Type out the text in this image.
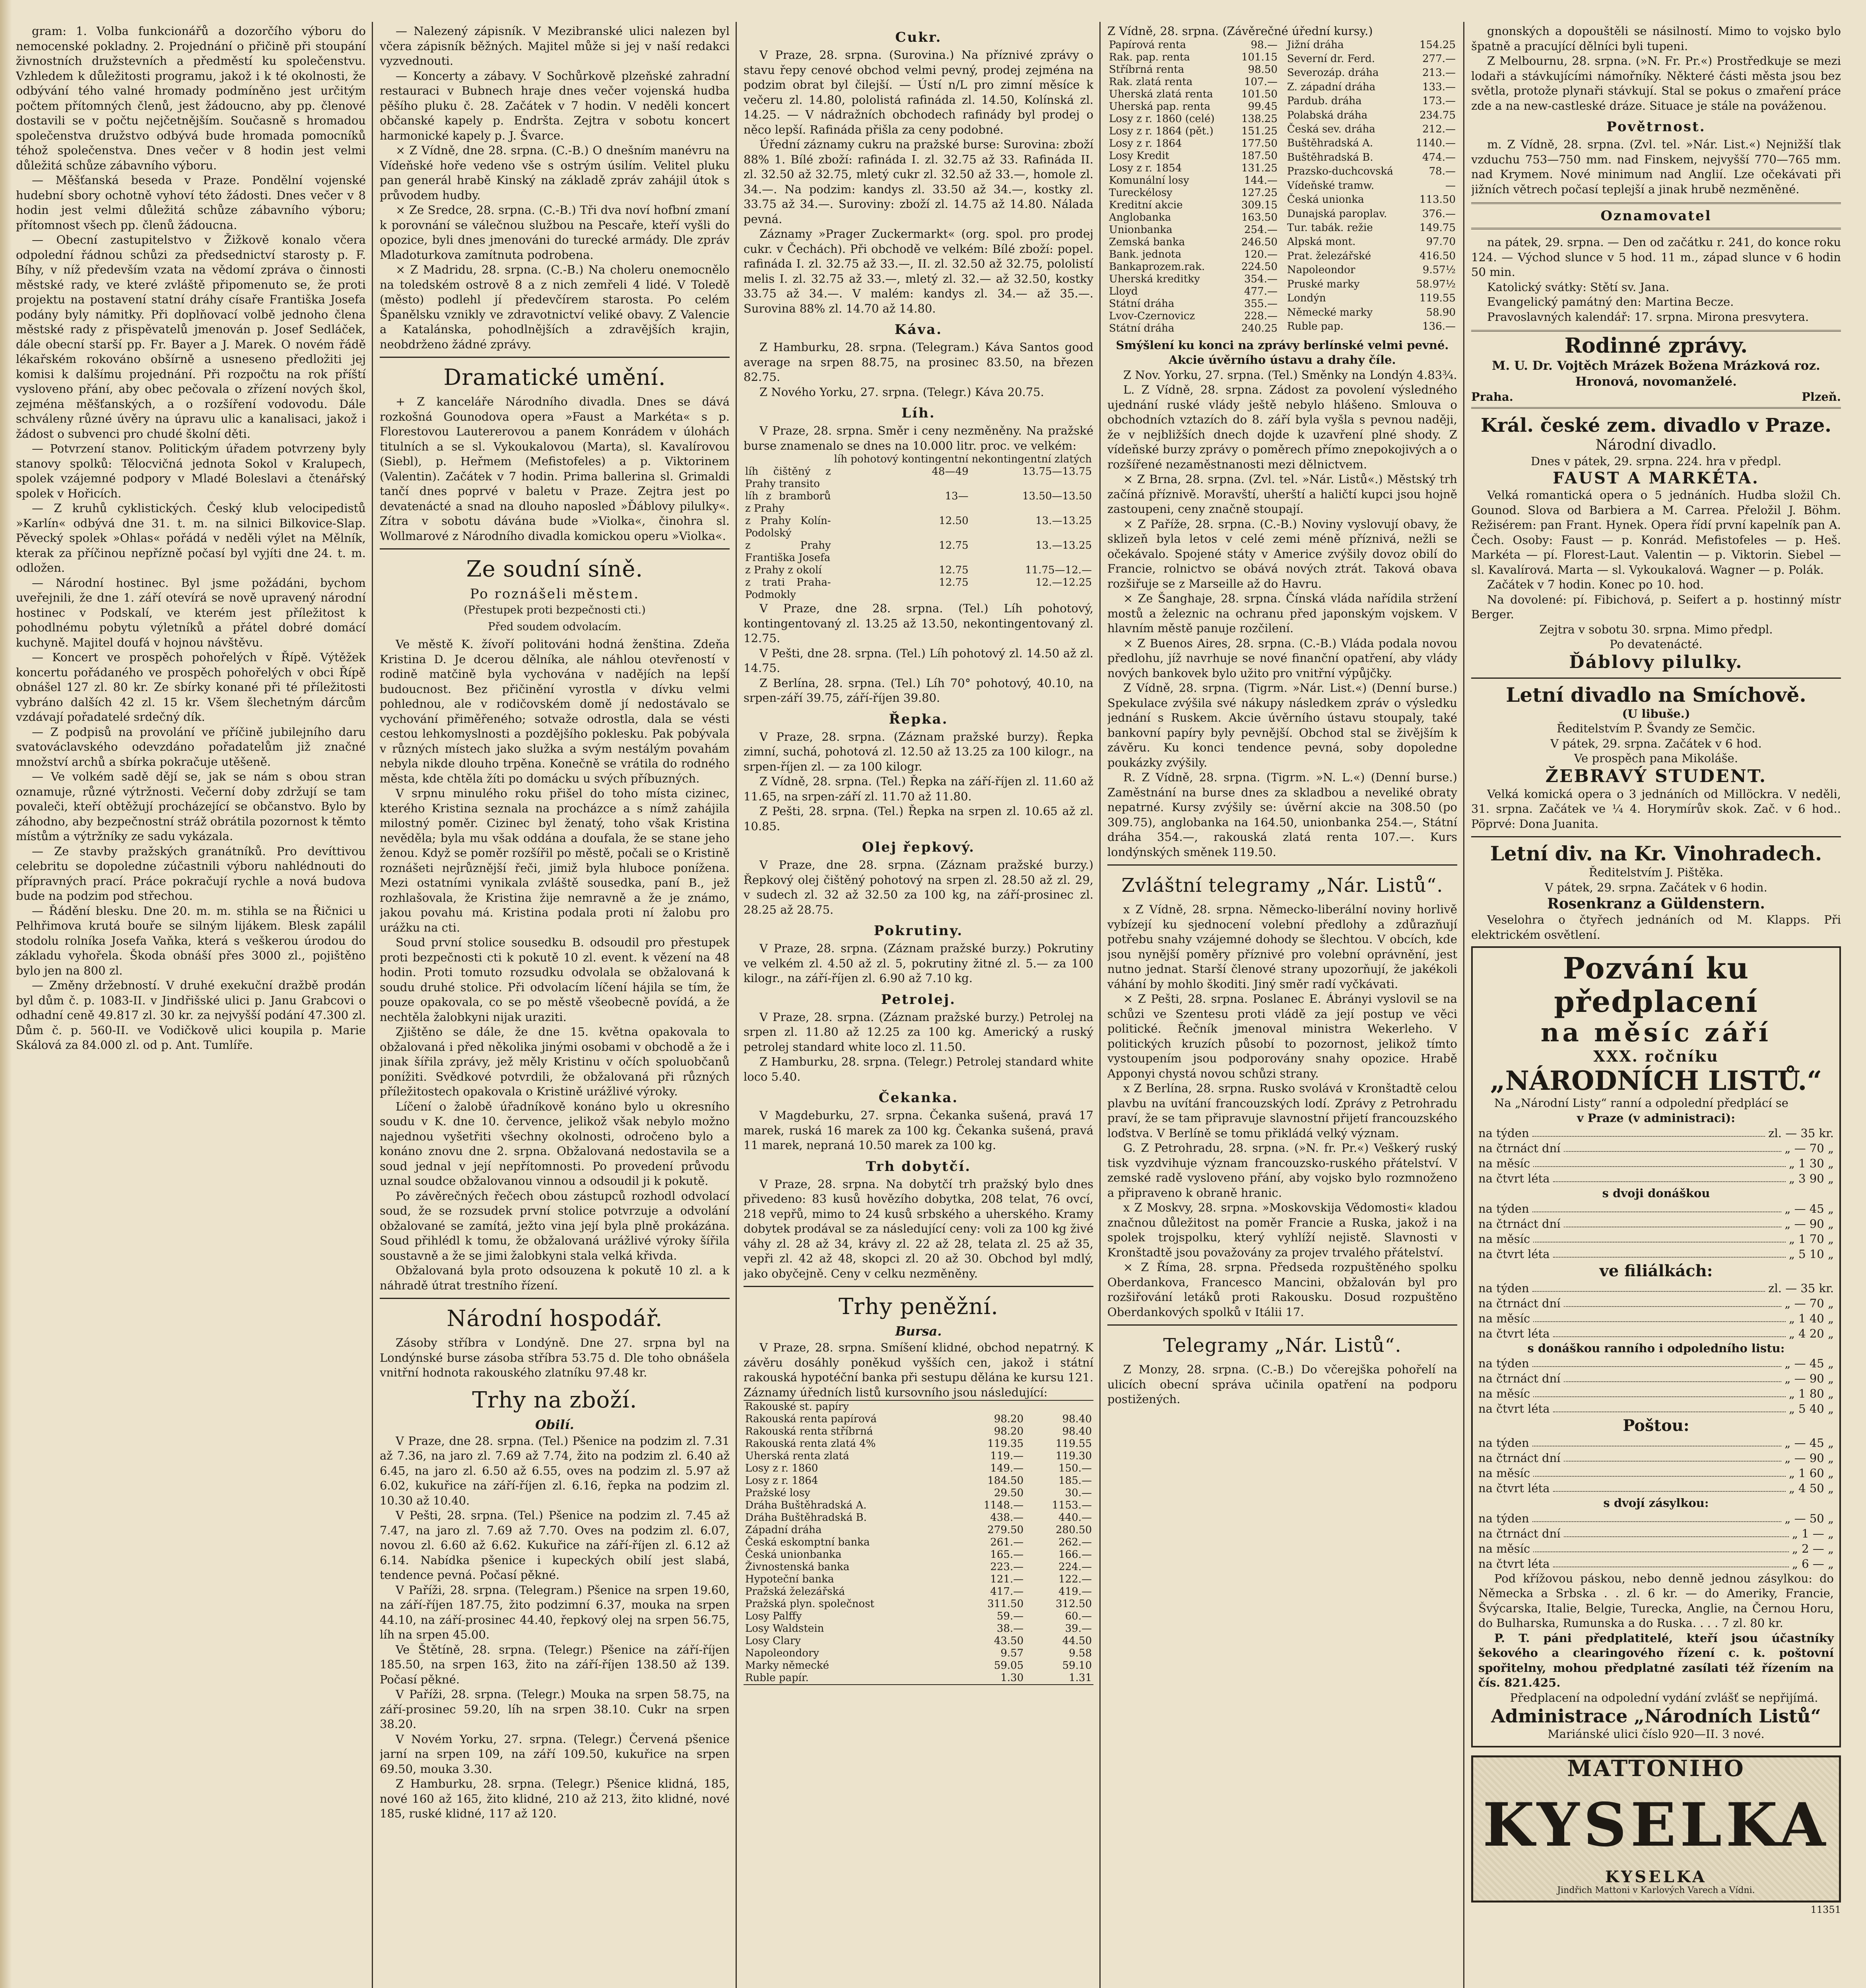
gram: 1. Volba funkcionářů a dozorčího výboru do nemocenské pokladny. 2. Projednání o přičině při stoupání živnostních družstevních a předměstí ku společenstvu. Vzhledem k důležitosti programu, jakož i k té okolnosti, že odbývání tého valné hromady podmíněno jest určitým počtem přítomných členů, jest žádoucno, aby pp. členové dostavili se v počtu nejčetnějším. Současně s hromadou společenstva družstvo odbývá bude hromada pomocníků téhož společenstva. Dnes večer v 8 hodin jest velmi důležitá schůze zábavního výboru.

— Měšťanská beseda v Praze. Pondělní vojenské hudební sbory ochotně vyhoví této žádosti. Dnes večer v 8 hodin jest velmi důležitá schůze zábavního výboru; přítomnost všech pp. členů žádoucna.

— Obecní zastupitelstvo v Žižkově konalo včera odpolední řádnou schůzi za předsednictví starosty p. F. Bíhy, v níž především vzata na vědomí zpráva o činnosti městské rady, ve které zvláště připomenuto se, že proti projektu na postavení statní dráhy císaře Františka Josefa podány byly námitky. Při doplňovací volbě jednoho člena městské rady z přispěvatelů jmenován p. Josef Sedláček, dále obecní starší pp. Fr. Bayer a J. Marek. O novém řádě lékařském rokováno obšírně a usneseno předložiti jej komisi k dalšímu projednání. Při rozpočtu na rok příští vysloveno přání, aby obec pečovala o zřízení nových škol, zejména měšťanských, a o rozšíření vodovodu. Dále schváleny různé úvěry na úpravu ulic a kanalisaci, jakož i žádost o subvenci pro chudé školní děti.

— Potvrzení stanov. Politickým úřadem potvrzeny byly stanovy spolků: Tělocvičná jednota Sokol v Kralupech, spolek vzájemné podpory v Mladé Boleslavi a čtenářský spolek v Hořicích.

— Z kruhů cyklistických. Český klub velocipedistů »Karlín« odbývá dne 31. t. m. na silnici Bilkovice-Slap. Pěvecký spolek »Ohlas« pořádá v neděli výlet na Mělník, kterak za příčinou nepřízně počasí byl vyjíti dne 24. t. m. odložen.

— Národní hostinec. Byl jsme požádáni, bychom uveřejnili, že dne 1. září otevírá se nově upravený národní hostinec v Podskalí, ve kterém jest příležitost k pohodlnému pobytu výletníků a přátel dobré domácí kuchyně. Majitel doufá v hojnou návštěvu.

— Koncert ve prospěch pohořelých v Řípě. Výtěžek koncertu pořádaného ve prospěch pohořelých v obci Řípě obnášel 127 zl. 80 kr. Ze sbírky konané při té příležitosti vybráno dalších 42 zl. 15 kr. Všem šlechetným dárcům vzdávají pořadatelé srdečný dík.

— Z podpisů na provolání ve příčině jubilejního daru svatováclavského odevzdáno pořadatelům již značné množství archů a sbírka pokračuje utěšeně.

— Ve volkém sadě dějí se, jak se nám s obou stran oznamuje, různé výtržnosti. Večerní doby zdržují se tam povaleči, kteří obtěžují procházející se občanstvo. Bylo by záhodno, aby bezpečnostní stráž obrátila pozornost k těmto místům a výtržníky ze sadu vykázala.

— Ze stavby pražských granátníků. Pro devíttivou celebritu se dopoledne zúčastnili výboru nahlédnouti do přípravných prací. Práce pokračují rychle a nová budova bude na podzim pod střechou.

— Řádění blesku. Dne 20. m. m. stihla se na Řičnici u Pelhřimova krutá bouře se silným lijákem. Blesk zapálil stodolu rolníka Josefa Vaňka, která s veškerou úrodou do základu vyhořela. Škoda obnáší přes 3000 zl., pojištěno bylo jen na 800 zl.

— Změny držebností. V druhé exekuční dražbě prodán byl dům č. p. 1083-II. v Jindřišské ulici p. Janu Grabcovi o odhadní ceně 49.817 zl. 30 kr. za nejvyšší podání 47.300 zl. Dům č. p. 560-II. ve Vodičkově ulici koupila p. Marie Skálová za 84.000 zl. od p. Ant. Tumlíře.

— Nalezený zápisník. V Mezibranské ulici nalezen byl včera zápisník běžných. Majitel může si jej v naší redakci vyzvednouti.

— Koncerty a zábavy. V Sochůrkově plzeňské zahradní restauraci v Bubnech hraje dnes večer vojenská hudba pěšího pluku č. 28. Začátek v 7 hodin. V neděli koncert občanské kapely p. Endršta. Zejtra v sobotu koncert harmonické kapely p. J. Švarce.

× Z Vídně, dne 28. srpna. (C.-B.) O dnešním manévru na Vídeňské hoře vedeno vše s ostrým úsilím. Velitel pluku pan generál hrabě Kinský na základě zpráv zahájil útok s průvodem hudby.

× Ze Sredce, 28. srpna. (C.-B.) Tři dva noví hofbní zmaní k porovnání se válečnou službou na Pescaře, kteří vyšli do opozice, byli dnes jmenováni do turecké armády. Dle zpráv Mladoturkova zamítnuta podrobena.

× Z Madridu, 28. srpna. (C.-B.) Na choleru onemocnělo na toledském ostrově 8 a z nich zemřeli 4 lidé. V Toledě (město) podlehl jí předevčírem starosta. Po celém Španělsku vznikly ve zdravotnictví veliké obavy. Z Valencie a Katalánska, pohodlnějších a zdravějších krajin, neobdrženo žádné zprávy.

Dramatické umění.

+ Z kanceláře Národního divadla. Dnes se dává rozkošná Gounodova opera »Faust a Markéta« s p. Florestovou Lautererovou a panem Konrádem v úlohách titulních a se sl. Vykoukalovou (Marta), sl. Kavalírovou (Siebl), p. Heřmem (Mefistofeles) a p. Viktorinem (Valentin). Začátek v 7 hodin. Prima ballerina sl. Grimaldi tančí dnes poprvé v baletu v Praze. Zejtra jest po devatenácté a snad na dlouho naposled »Ďáblovy pilulky«. Zítra v sobotu dávána bude »Violka«, činohra sl. Wollmarové z Národního divadla komickou operu »Violka«.

Ze soudní síně.
Po roznášeli městem.
(Přestupek proti bezpečnosti cti.)
Před soudem odvolacím.

Ve městě K. žívoří politováni hodná ženština. Zdeňa Kristina D. Je dcerou dělníka, ale náhlou otevřeností v rodině matčině byla vychována v nadějích na lepší budoucnost. Bez přičinění vyrostla v dívku velmi pohlednou, ale v rodičovském domě jí nedostávalo se vychování přiměřeného; sotvaže odrostla, dala se vésti cestou lehkomyslnosti a pozdějšího poklesku. Pak pobývala v různých místech jako služka a svým nestálým povahám nebyla nikde dlouho trpěna. Konečně se vrátila do rodného města, kde chtěla žíti po domácku u svých příbuzných.

V srpnu minulého roku přišel do toho místa cizinec, kterého Kristina seznala na procházce a s nímž zahájila milostný poměr. Cizinec byl ženatý, toho však Kristina nevěděla; byla mu však oddána a doufala, že se stane jeho ženou. Když se poměr rozšířil po městě, počali se o Kristině roznášeti nejrůznější řeči, jimiž byla hluboce ponížena. Mezi ostatními vynikala zvláště sousedka, paní B., jež rozhlašovala, že Kristina žije nemravně a že je známo, jakou povahu má. Kristina podala proti ní žalobu pro urážku na cti.

Soud první stolice sousedku B. odsoudil pro přestupek proti bezpečnosti cti k pokutě 10 zl. event. k vězení na 48 hodin. Proti tomuto rozsudku odvolala se obžalovaná k soudu druhé stolice. Při odvolacím líčení hájila se tím, že pouze opakovala, co se po městě všeobecně povídá, a že nechtěla žalobkyni nijak uraziti.

Zjištěno se dále, že dne 15. května opakovala to obžalovaná i před několika jinými osobami v obchodě a že i jinak šířila zprávy, jež měly Kristinu v očích spoluobčanů ponížiti. Svědkové potvrdili, že obžalovaná při různých příležitostech opakovala o Kristině urážlivé výroky.

Líčení o žalobě úřadníkově konáno bylo u okresního soudu v K. dne 10. července, jelikož však nebylo možno najednou vyšetřiti všechny okolnosti, odročeno bylo a konáno znovu dne 2. srpna. Obžalovaná nedostavila se a soud jednal v její nepřítomnosti. Po provedení průvodu uznal soudce obžalovanou vinnou a odsoudil ji k pokutě.

Po závěrečných řečech obou zástupců rozhodl odvolací soud, že se rozsudek první stolice potvrzuje a odvolání obžalované se zamítá, ježto vina její byla plně prokázána. Soud přihlédl k tomu, že obžalovaná urážlivé výroky šířila soustavně a že se jimi žalobkyni stala velká křivda.

Obžalovaná byla proto odsouzena k pokutě 10 zl. a k náhradě útrat trestního řízení.

Národní hospodář.

Zásoby stříbra v Londýně. Dne 27. srpna byl na Londýnské burse zásoba stříbra 53.75 d. Dle toho obnášela vnitřní hodnota rakouského zlatníku 97.48 kr.

Trhy na zboží.
Obilí.

V Praze, dne 28. srpna. (Tel.) Pšenice na podzim zl. 7.31 až 7.36, na jaro zl. 7.69 až 7.74, žito na podzim zl. 6.40 až 6.45, na jaro zl. 6.50 až 6.55, oves na podzim zl. 5.97 až 6.02, kukuřice na září-říjen zl. 6.16, řepka na podzim zl. 10.30 až 10.40.

V Pešti, 28. srpna. (Tel.) Pšenice na podzim zl. 7.45 až 7.47, na jaro zl. 7.69 až 7.70. Oves na podzim zl. 6.07, novou zl. 6.60 až 6.62. Kukuřice na září-říjen zl. 6.12 až 6.14. Nabídka pšenice i kupeckých obilí jest slabá, tendence pevná. Počasí pěkné.

V Paříži, 28. srpna. (Telegram.) Pšenice na srpen 19.60, na září-říjen 187.75, žito podzimní 6.37, mouka na srpen 44.10, na září-prosinec 44.40, řepkový olej na srpen 56.75, líh na srpen 45.00.

Ve Štětíně, 28. srpna. (Telegr.) Pšenice na září-říjen 185.50, na srpen 163, žito na září-říjen 138.50 až 139. Počasí pěkné.

V Paříži, 28. srpna. (Telegr.) Mouka na srpen 58.75, na září-prosinec 59.20, líh na srpen 38.10. Cukr na srpen 38.20.

V Novém Yorku, 27. srpna. (Telegr.) Červená pšenice jarní na srpen 109, na září 109.50, kukuřice na srpen 69.50, mouka 3.30.

Z Hamburku, 28. srpna. (Telegr.) Pšenice klidná, 185, nové 160 až 165, žito klidné, 210 až 213, žito klidné, nové 185, ruské klidné, 117 až 120.

Cukr.

V Praze, 28. srpna. (Surovina.) Na příznivé zprávy o stavu řepy cenové obchod velmi pevný, prodej zejména na podzim obrat byl čilejší. — Ústí n/L pro zimní měsíce k večeru zl. 14.80, pololistá rafináda zl. 14.50, Kolínská zl. 14.25. — V nádražních obchodech rafinády byl prodej o něco lepší. Rafináda přišla za ceny podobné.

Úřední záznamy cukru na pražské burse: Surovina: zboží 88% 1. Bílé zboží: rafináda I. zl. 32.75 až 33. Rafináda II. zl. 32.50 až 32.75, mletý cukr zl. 32.50 až 33.—, homole zl. 34.—. Na podzim: kandys zl. 33.50 až 34.—, kostky zl. 33.75 až 34.—. Suroviny: zboží zl. 14.75 až 14.80. Nálada pevná.

Záznamy »Prager Zuckermarkt« (org. spol. pro prodej cukr. v Čechách). Při obchodě ve velkém: Bílé zboží: popel. rafináda I. zl. 32.75 až 33.—, II. zl. 32.50 až 32.75, pololistí melis I. zl. 32.75 až 33.—, mletý zl. 32.— až 32.50, kostky 33.75 až 34.—. V malém: kandys zl. 34.— až 35.—. Surovina 88% zl. 14.70 až 14.80.

Káva.

Z Hamburku, 28. srpna. (Telegram.) Káva Santos good average na srpen 88.75, na prosinec 83.50, na březen 82.75.

Z Nového Yorku, 27. srpna. (Telegr.) Káva 20.75.

Líh.

V Praze, 28. srpna. Směr i ceny nezměněny. Na pražské burse znamenalo se dnes na 10.000 litr. proc. ve velkém:

	líh pohotový kontingentní	nekontingentní zlatých
líh čištěný z Prahy transito	48—49	13.75—13.75
líh z bramborů z Prahy	13—	13.50—13.50
z Prahy Kolín-Podolský	12.50	13.—13.25
z Prahy Františka Josefa	12.75	13.—13.25
z Prahy z okolí	12.75	11.75—12.—
z trati Praha-Podmokly	12.75	12.—12.25

V Praze, dne 28. srpna. (Tel.) Líh pohotový, kontingentovaný zl. 13.25 až 13.50, nekontingentovaný zl. 12.75.

V Pešti, dne 28. srpna. (Tel.) Líh pohotový zl. 14.50 až zl. 14.75.

Z Berlína, 28. srpna. (Tel.) Líh 70° pohotový, 40.10, na srpen-září 39.75, září-říjen 39.80.

Řepka.

V Praze, 28. srpna. (Záznam pražské burzy). Řepka zimní, suchá, pohotová zl. 12.50 až 13.25 za 100 kilogr., na srpen-říjen zl. — za 100 kilogr.

Z Vídně, 28. srpna. (Tel.) Řepka na září-říjen zl. 11.60 až 11.65, na srpen-září zl. 11.70 až 11.80.

Z Pešti, 28. srpna. (Tel.) Řepka na srpen zl. 10.65 až zl. 10.85.

Olej řepkový.

V Praze, dne 28. srpna. (Záznam pražské burzy.) Řepkový olej čištěný pohotový na srpen zl. 28.50 až zl. 29, v sudech zl. 32 až 32.50 za 100 kg, na září-prosinec zl. 28.25 až 28.75.

Pokrutiny.

V Praze, 28. srpna. (Záznam pražské burzy.) Pokrutiny ve velkém zl. 4.50 až zl. 5, pokrutiny žitné zl. 5.— za 100 kilogr., na září-říjen zl. 6.90 až 7.10 kg.

Petrolej.

V Praze, 28. srpna. (Záznam pražské burzy.) Petrolej na srpen zl. 11.80 až 12.25 za 100 kg. Americký a ruský petrolej standard white loco zl. 11.50.

Z Hamburku, 28. srpna. (Telegr.) Petrolej standard white loco 5.40.

Čekanka.

V Magdeburku, 27. srpna. Čekanka sušená, pravá 17 marek, ruská 16 marek za 100 kg. Čekanka sušená, pravá 11 marek, nepraná 10.50 marek za 100 kg.

Trh dobytčí.

V Praze, 28. srpna. Na dobytčí trh pražský bylo dnes přivedeno: 83 kusů hovězího dobytka, 208 telat, 76 ovcí, 218 vepřů, mimo to 24 kusů srbského a uherského. Kramy dobytek prodával se za následující ceny: voli za 100 kg živé váhy zl. 28 až 34, krávy zl. 22 až 28, telata zl. 25 až 35, vepři zl. 42 až 48, skopci zl. 20 až 30. Obchod byl mdlý, jako obyčejně. Ceny v celku nezměněny.

Trhy peněžní.
Bursa.

V Praze, 28. srpna. Smíšení klidné, obchod nepatrný. K závěru dosáhly poněkud vyšších cen, jakož i státní rakouská hypotéční banka při sestupu dělána ke kursu 121. Záznamy úředních listů kursovního jsou následující:

Rakouské st. papíry		
Rakouská renta papírová	98.20	98.40
Rakouská renta stříbrná	98.20	98.40
Rakouská renta zlatá 4%	119.35	119.55
Uherská renta zlatá	119.—	119.30
Losy z r. 1860	149.—	150.—
Losy z r. 1864	184.50	185.—
Pražské losy	29.50	30.—
Dráha Buštěhradská A.	1148.—	1153.—
Dráha Buštěhradská B.	438.—	440.—
Západní dráha	279.50	280.50
Česká eskomptní banka	261.—	262.—
Česká unionbanka	165.—	166.—
Živnostenská banka	223.—	224.—
Hypoteční banka	121.—	122.—
Pražská železářská	417.—	419.—
Pražská plyn. společnost	311.50	312.50
Losy Palffy	59.—	60.—
Losy Waldstein	38.—	39.—
Losy Clary	43.50	44.50
Napoleondory	9.57	9.58
Marky německé	59.05	59.10
Ruble papír.	1.30	1.31

Z Vídně, 28. srpna. (Závěrečné úřední kursy.)

Papírová renta	98.—
Rak. pap. renta	101.15
Stříbrná renta	98.50
Rak. zlatá renta	107.—
Uherská zlatá renta	101.50
Uherská pap. renta	99.45
Losy z r. 1860 (celé)	138.25
Losy z r. 1864 (pět.)	151.25
Losy z r. 1864	177.50
Losy Kredit	187.50
Losy z r. 1854	131.25
Komunální losy	144.—
Tureckélosy	127.25
Kreditní akcie	309.15
Anglobanka	163.50
Unionbanka	254.—
Zemská banka	246.50
Bank. jednota	120.—
Bankaprozem.rak.	224.50
Uherská kreditky	354.—
Lloyd	477.—
Státní dráha	355.—
Lvov-Czernovicz	228.—
Státní dráha	240.25
Jižní dráha	154.25
Severní dr. Ferd.	277.—
Severozáp. dráha	213.—
Z. západní dráha	133.—
Pardub. dráha	173.—
Polabská dráha	234.75
Česká sev. dráha	212.—
Buštěhradská A.	1140.—
Buštěhradská B.	474.—
Prazsko-duchcovská	78.—
Vídeňské tramw.	—
Česká unionka	113.50
Dunajská paroplav.	376.—
Tur. tabák. režie	149.75
Alpská mont.	97.70
Prat. železářské	416.50
Napoleondor	9.57½
Pruské marky	58.97½
Londýn	119.55
Německé marky	58.90
Ruble pap.	136.—

Smýšlení ku konci na zprávy berlínské velmi pevné. Akcie úvěrního ústavu a drahy číle.

Z Nov. Yorku, 27. srpna. (Tel.) Směnky na Londýn 4.83¾.

L. Z Vídně, 28. srpna. Zádost za povolení výsledného ujednání ruské vlády ještě nebylo hlášeno. Smlouva o obchodních vztazích do 8. září byla vyšla s pevnou naději, že v nejbližších dnech dojde k uzavření plné shody. Z vídeňské burzy zprávy o poměrech přímo znepokojivých a o rozšířené nezaměstnanosti mezi dělnictvem.

× Z Brna, 28. srpna. (Zvl. tel. »Nár. Listů«.) Městský trh začíná příznivě. Moravští, uherští a haličtí kupci jsou hojně zastoupeni, ceny značně stoupají.

× Z Paříže, 28. srpna. (C.-B.) Noviny vyslovují obavy, že sklizeň byla letos v celé zemi méně příznivá, nežli se očekávalo. Spojené státy v Americe zvýšily dovoz obilí do Francie, rolnictvo se obává nových ztrát. Taková obava rozšiřuje se z Marseille až do Havru.

× Ze Šanghaje, 28. srpna. Čínská vláda nařídila stržení mostů a železnic na ochranu před japonským vojskem. V hlavním městě panuje rozčilení.

× Z Buenos Aires, 28. srpna. (C.-B.) Vláda podala novou předlohu, jíž navrhuje se nové finanční opatření, aby vlády nových bankovek bylo užito pro vnitřní výpůjčky.

Z Vídně, 28. srpna. (Tigrm. »Nár. List.«) (Denní burse.) Spekulace zvýšila své nákupy následkem zpráv o výsledku jednání s Ruskem. Akcie úvěrního ústavu stoupaly, také bankovní papíry byly pevnější. Obchod stal se živějším k závěru. Ku konci tendence pevná, soby dopoledne poukázky zvýšily.

R. Z Vídně, 28. srpna. (Tigrm. »N. L.«) (Denní burse.) Zaměstnání na burse dnes za skladbou a neveliké obraty nepatrné. Kursy zvýšily se: úvěrní akcie na 308.50 (po 309.75), anglobanka na 164.50, unionbanka 254.—, Státní dráha 354.—, rakouská zlatá renta 107.—. Kurs londýnských směnek 119.50.

Zvláštní telegramy „Nár. Listů“.

x Z Vídně, 28. srpna. Německo-liberální noviny horlivě vybízejí ku sjednocení volební předlohy a zdůrazňují potřebu snahy vzájemné dohody se šlechtou. V obcích, kde jsou nynější poměry příznivé pro volební oprávnění, jest nutno jednat. Starší členové strany upozorňují, že jakékoli váhání by mohlo škoditi. Jiný směr radí vyčkávati.

× Z Pešti, 28. srpna. Poslanec E. Ábrányi vyslovil se na schůzi ve Szentesu proti vládě za její postup ve věci politické. Řečník jmenoval ministra Wekerleho. V politických kruzích působí to pozornost, jelikož tímto vystoupením jsou podporovány snahy opozice. Hrabě Apponyi chystá novou schůzi strany.

x Z Berlína, 28. srpna. Rusko svolává v Kronštadtě celou plavbu na uvítání francouzských lodí. Zprávy z Petrohradu praví, že se tam připravuje slavnostní přijetí francouzského loďstva. V Berlíně se tomu přikládá velký význam.

G. Z Petrohradu, 28. srpna. (»N. fr. Pr.«) Veškerý ruský tisk vyzdvihuje význam francouzsko-ruského přátelství. V zemské radě vysloveno přání, aby vojsko bylo rozmnoženo a připraveno k obraně hranic.

x Z Moskvy, 28. srpna. »Moskovskija Vědomosti« kladou značnou důležitost na poměr Francie a Ruska, jakož i na spolek trojspolku, který vyhlíží nejistě. Slavnosti v Kronštadtě jsou považovány za projev trvalého přátelství.

× Z Říma, 28. srpna. Předseda rozpuštěného spolku Oberdankova, Francesco Mancini, obžalován byl pro rozšiřování letáků proti Rakousku. Dosud rozpuštěno Oberdankových spolků v Itálii 17.

Telegramy „Nár. Listů“.

Z Monzy, 28. srpna. (C.-B.) Do včerejška pohořelí na ulicích obecní správa učinila opatření na podporu postižených.

gnonských a dopouštěli se násilností. Mimo to vojsko bylo špatně a pracující dělníci byli tupeni.

Z Melbournu, 28. srpna. (»N. Fr. Pr.«) Prostředkuje se mezi lodaři a stávkujícími námořníky. Některé části města jsou bez světla, protože plynaři stávkují. Stal se pokus o zmaření práce zde a na new-castleské dráze. Situace je stále na pováženou.

Povětrnost.

m. Z Vídně, 28. srpna. (Zvl. tel. »Nár. List.«) Nejnižší tlak vzduchu 753—750 mm. nad Finskem, nejvyšší 770—765 mm. nad Krymem. Nové minimum nad Anglií. Lze očekávati při jižních větrech počasí teplejší a jinak hrubě nezměněné.

Oznamovatel

na pátek, 29. srpna. — Den od začátku r. 241, do konce roku 124. — Východ slunce v 5 hod. 11 m., západ slunce v 6 hodin 50 min.

Katolický svátky: Stětí sv. Jana.

Evangelický památný den: Martina Becze.

Pravoslavných kalendář: 17. srpna. Mirona presvytera.

Rodinné zprávy.
M. U. Dr. Vojtěch Mrázek Božena Mrázková roz. Hronová, novomanželé.
Praha.	Plzeň.
Král. české zem. divadlo v Praze.
Národní divadlo.
Dnes v pátek, 29. srpna. 224. hra v předpl.
FAUST A MARKÉTA.

Velká romantická opera o 5 jednáních. Hudba složil Ch. Gounod. Slova od Barbiera a M. Carrea. Přeložil J. Böhm. Režisérem: pan Frant. Hynek. Opera řídí první kapelník pan A. Čech. Osoby: Faust — p. Konrád. Mefistofeles — p. Heš. Markéta — pí. Florest-Laut. Valentin — p. Viktorin. Siebel — sl. Kavalírová. Marta — sl. Vykoukalová. Wagner — p. Polák.

Začátek v 7 hodin. Konec po 10. hod.

Na dovolené: pí. Fibichová, p. Seifert a p. hostinný místr Berger.

Zejtra v sobotu 30. srpna. Mimo předpl.
Po devatenácté.
Ďáblovy pilulky.
Letní divadlo na Smíchově.
(U libuše.)
Ředitelstvím P. Švandy ze Semčic.
V pátek, 29. srpna. Začátek v 6 hod.
Ve prospěch pana Mikoláše.
ŽEBRAVÝ STUDENT.

Velká komická opera o 3 jednáních od Millöckra. V neděli, 31. srpna. Začátek ve ¼ 4. Horymírův skok. Zač. v 6 hod.. Pöprvé: Dona Juanita.

Letní div. na Kr. Vinohradech.
Ředitelstvím J. Pištěka.
V pátek, 29. srpna. Začátek v 6 hodin.
Rosenkranz a Güldenstern.

Veselohra o čtyřech jednáních od M. Klapps. Při elektrickém osvětlení.

Pozvání ku předplacení
na měsíc září
XXX. ročníku
„NÁRODNÍCH LISTŮ.“

Na „Národní Listy“ ranní a odpolední předplácí se

v Praze (v administraci):
na týden	zl. — 35 kr.
na čtrnáct dní	„ — 70 „
na měsíc	„ 1 30 „
na čtvrt léta	„ 3 90 „
s dvoji donáškou
na týden	„ — 45 „
na čtrnáct dní	„ — 90 „
na měsíc	„ 1 70 „
na čtvrt léta	„ 5 10 „
ve filiálkách:
na týden	zl. — 35 kr.
na čtrnáct dní	„ — 70 „
na měsíc	„ 1 40 „
na čtvrt léta	„ 4 20 „
s donáškou ranního i odpoledního listu:
na týden	„ — 45 „
na čtrnáct dní	„ — 90 „
na měsíc	„ 1 80 „
na čtvrt léta	„ 5 40 „
Poštou:
na týden	„ — 45 „
na čtrnáct dní	„ — 90 „
na měsíc	„ 1 60 „
na čtvrt léta	„ 4 50 „
s dvojí zásylkou:
na týden	„ — 50 „
na čtrnáct dní	„ 1 — „
na měsíc	„ 2 — „
na čtvrt léta	„ 6 — „

Pod křížovou páskou, nebo denně jednou zásylkou: do Německa a Srbska . . zl. 6 kr. — do Ameriky, Francie, Švýcarska, Italie, Belgie, Turecka, Anglie, na Černou Horu, do Bulharska, Rumunska a do Ruska. . . . 7 zl. 80 kr.

P. T. páni předplatitelé, kteří jsou účastníky šekového a clearingového řízení c. k. poštovní spořitelny, mohou předplatné zasílati též řízením na čís. 821.425.

Předplacení na odpolední vydání zvlášť se nepřijímá.

Administrace „Národních Listů“
Mariánské ulici číslo 920—II. 3 nové.
MATTONIHO
KYSELKA
KYSELKA
Jindřich Mattoni v Karlových Varech a Vídni.
11351
